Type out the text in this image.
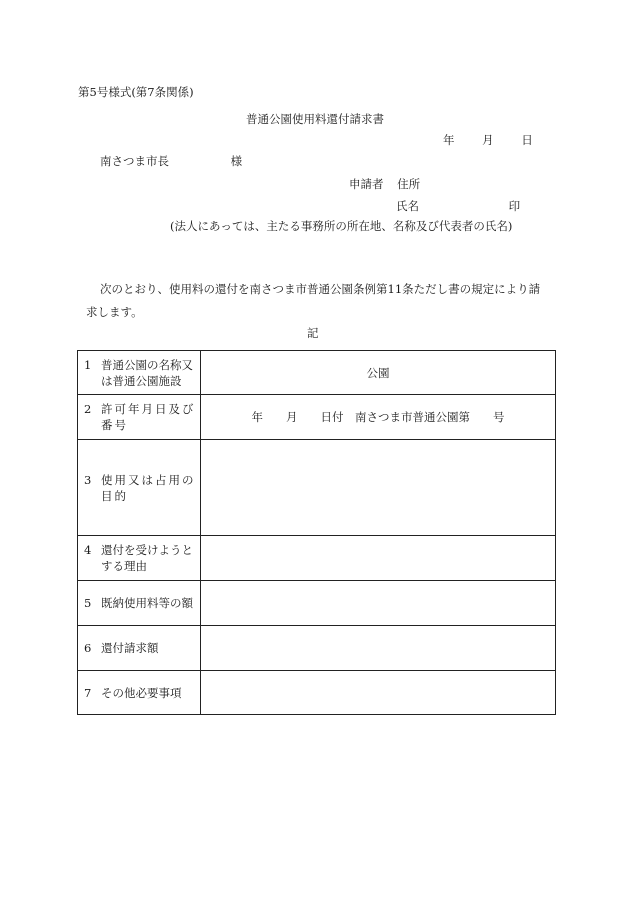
第5号様式(第7条関係)
普通公園使用料還付請求書
年 月 日
南さつま市長	様
申請者 住所
氏名	印
(法人にあっては、主たる事務所の所在地、名称及び代表者の氏名)
次のとおり、使用料の還付を南さつま市普通公園条例第11条ただし書の規定により請
求します。
記
1 普通公園の名称又は普通公園施設	公園

2 許可年月日及び番号	年　　月　　日付　南さつま市普通公園第　　号

3 使用又は占用の目的	

4 還付を受けようとする理由	

5 既納使用料等の額	

6 還付請求額	

7 その他必要事項	
